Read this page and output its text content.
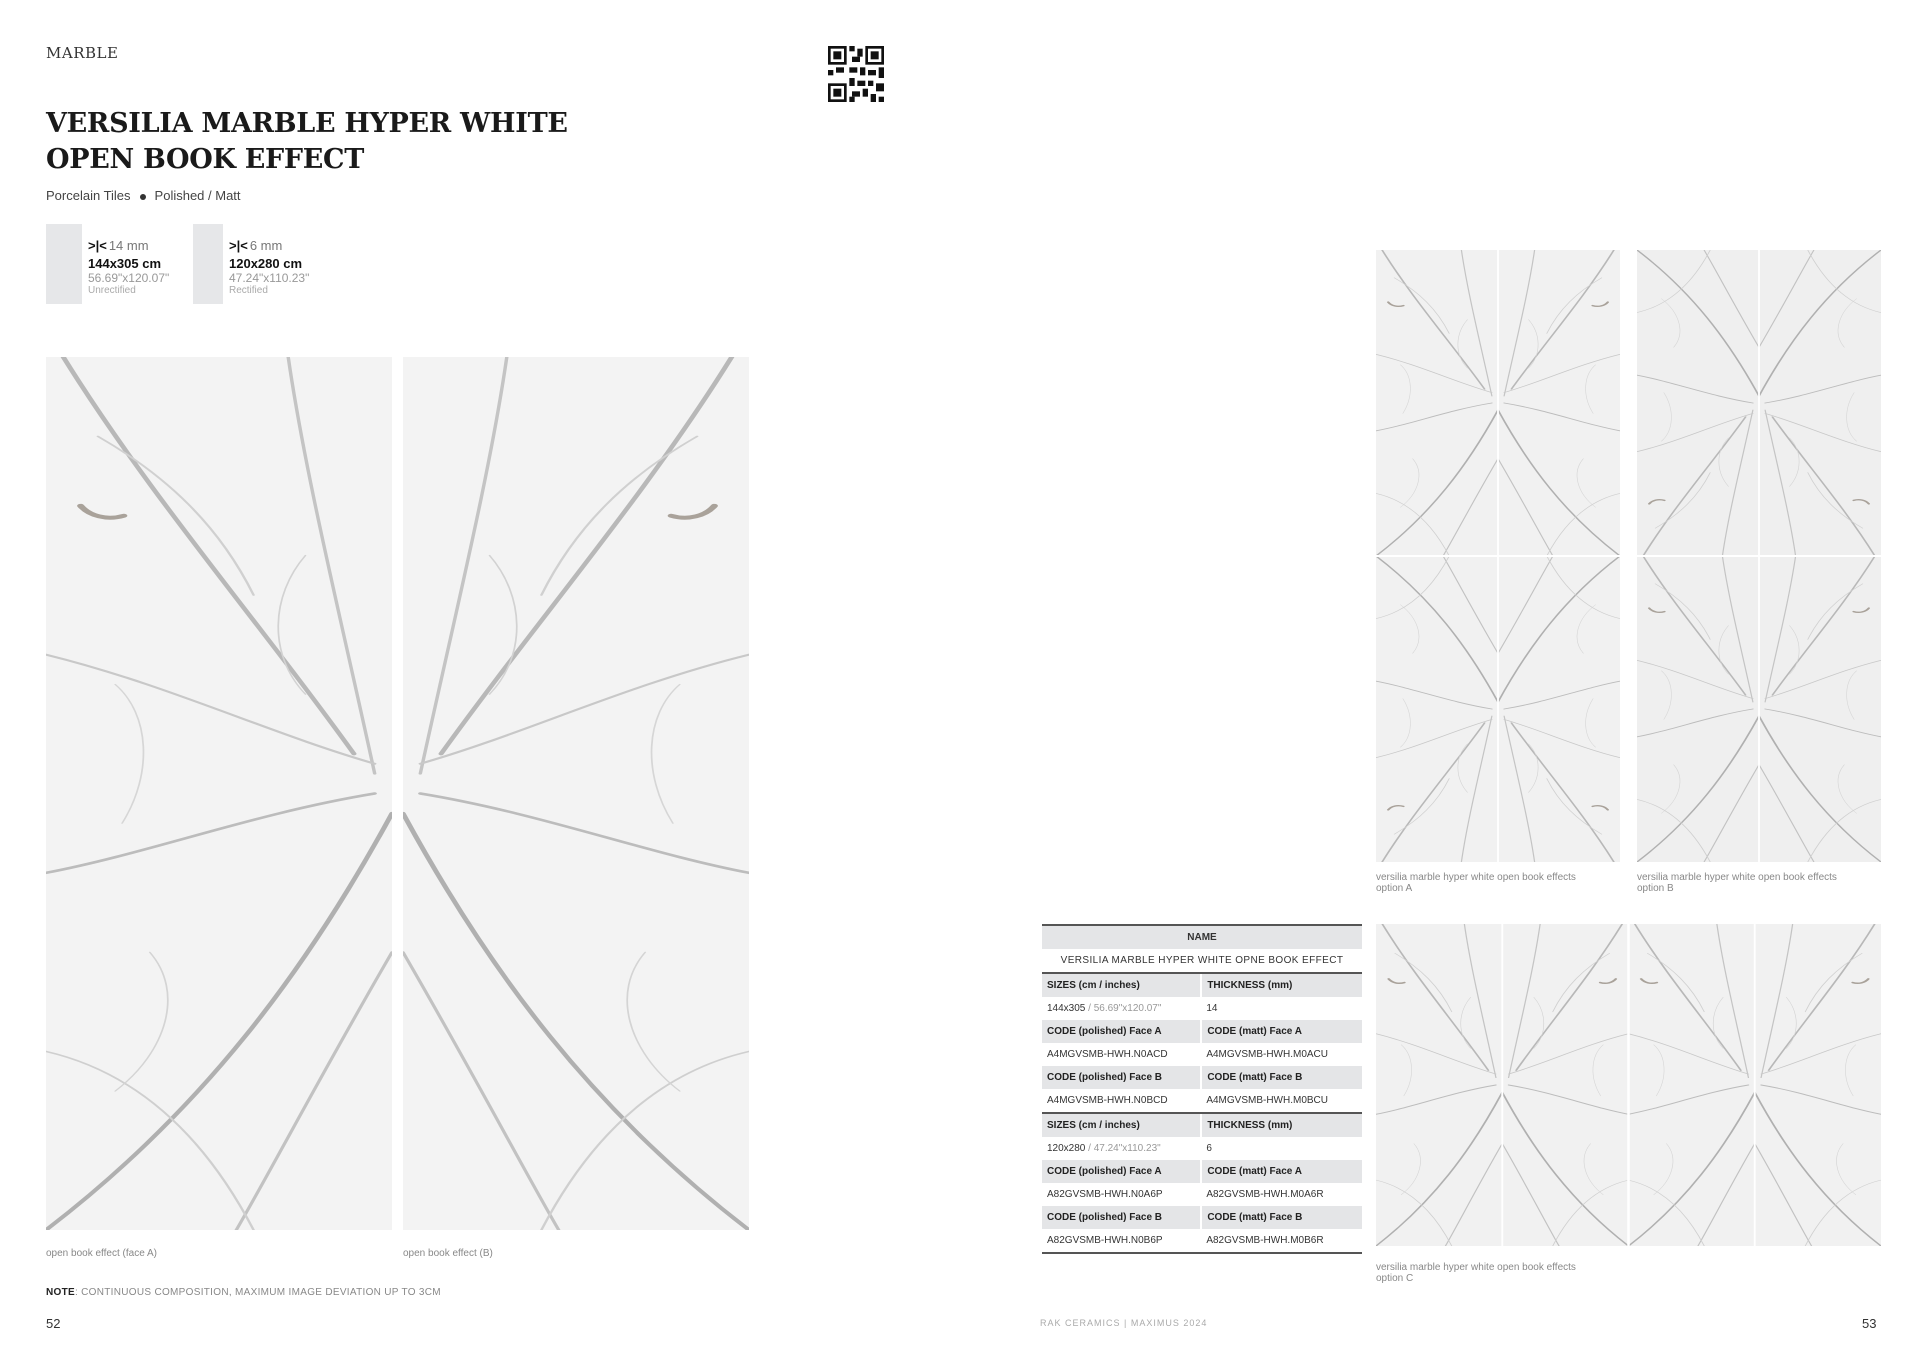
MARBLE
VERSILIA MARBLE HYPER WHITE
OPEN BOOK EFFECT
Porcelain Tiles Polished / Matt
>|< 14 mm
144x305 cm
56.69"x120.07"
Unrectified
>|< 6 mm
120x280 cm
47.24"x110.23"
Rectified
open book effect (face A)	open book effect (B)
NOTE: CONTINUOUS COMPOSITION, MAXIMUM IMAGE DEVIATION UP TO 3CM
52	RAK CERAMICS | MAXIMUS 2024	53
versilia marble hyper white open book effects
option A
versilia marble hyper white open book effects
option B
versilia marble hyper white open book effects
option C
NAME	
VERSILIA MARBLE HYPER WHITE OPNE BOOK EFFECT	
SIZES (cm / inches)	THICKNESS (mm)
144x305 / 56.69"x120.07"	14
CODE (polished) Face A	CODE (matt) Face A
A4MGVSMB-HWH.N0ACD	A4MGVSMB-HWH.M0ACU
CODE (polished) Face B	CODE (matt) Face B
A4MGVSMB-HWH.N0BCD	A4MGVSMB-HWH.M0BCU
SIZES (cm / inches)	THICKNESS (mm)
120x280 / 47.24"x110.23"	6
CODE (polished) Face A	CODE (matt) Face A
A82GVSMB-HWH.N0A6P	A82GVSMB-HWH.M0A6R
CODE (polished) Face B	CODE (matt) Face B
A82GVSMB-HWH.N0B6P	A82GVSMB-HWH.M0B6R
